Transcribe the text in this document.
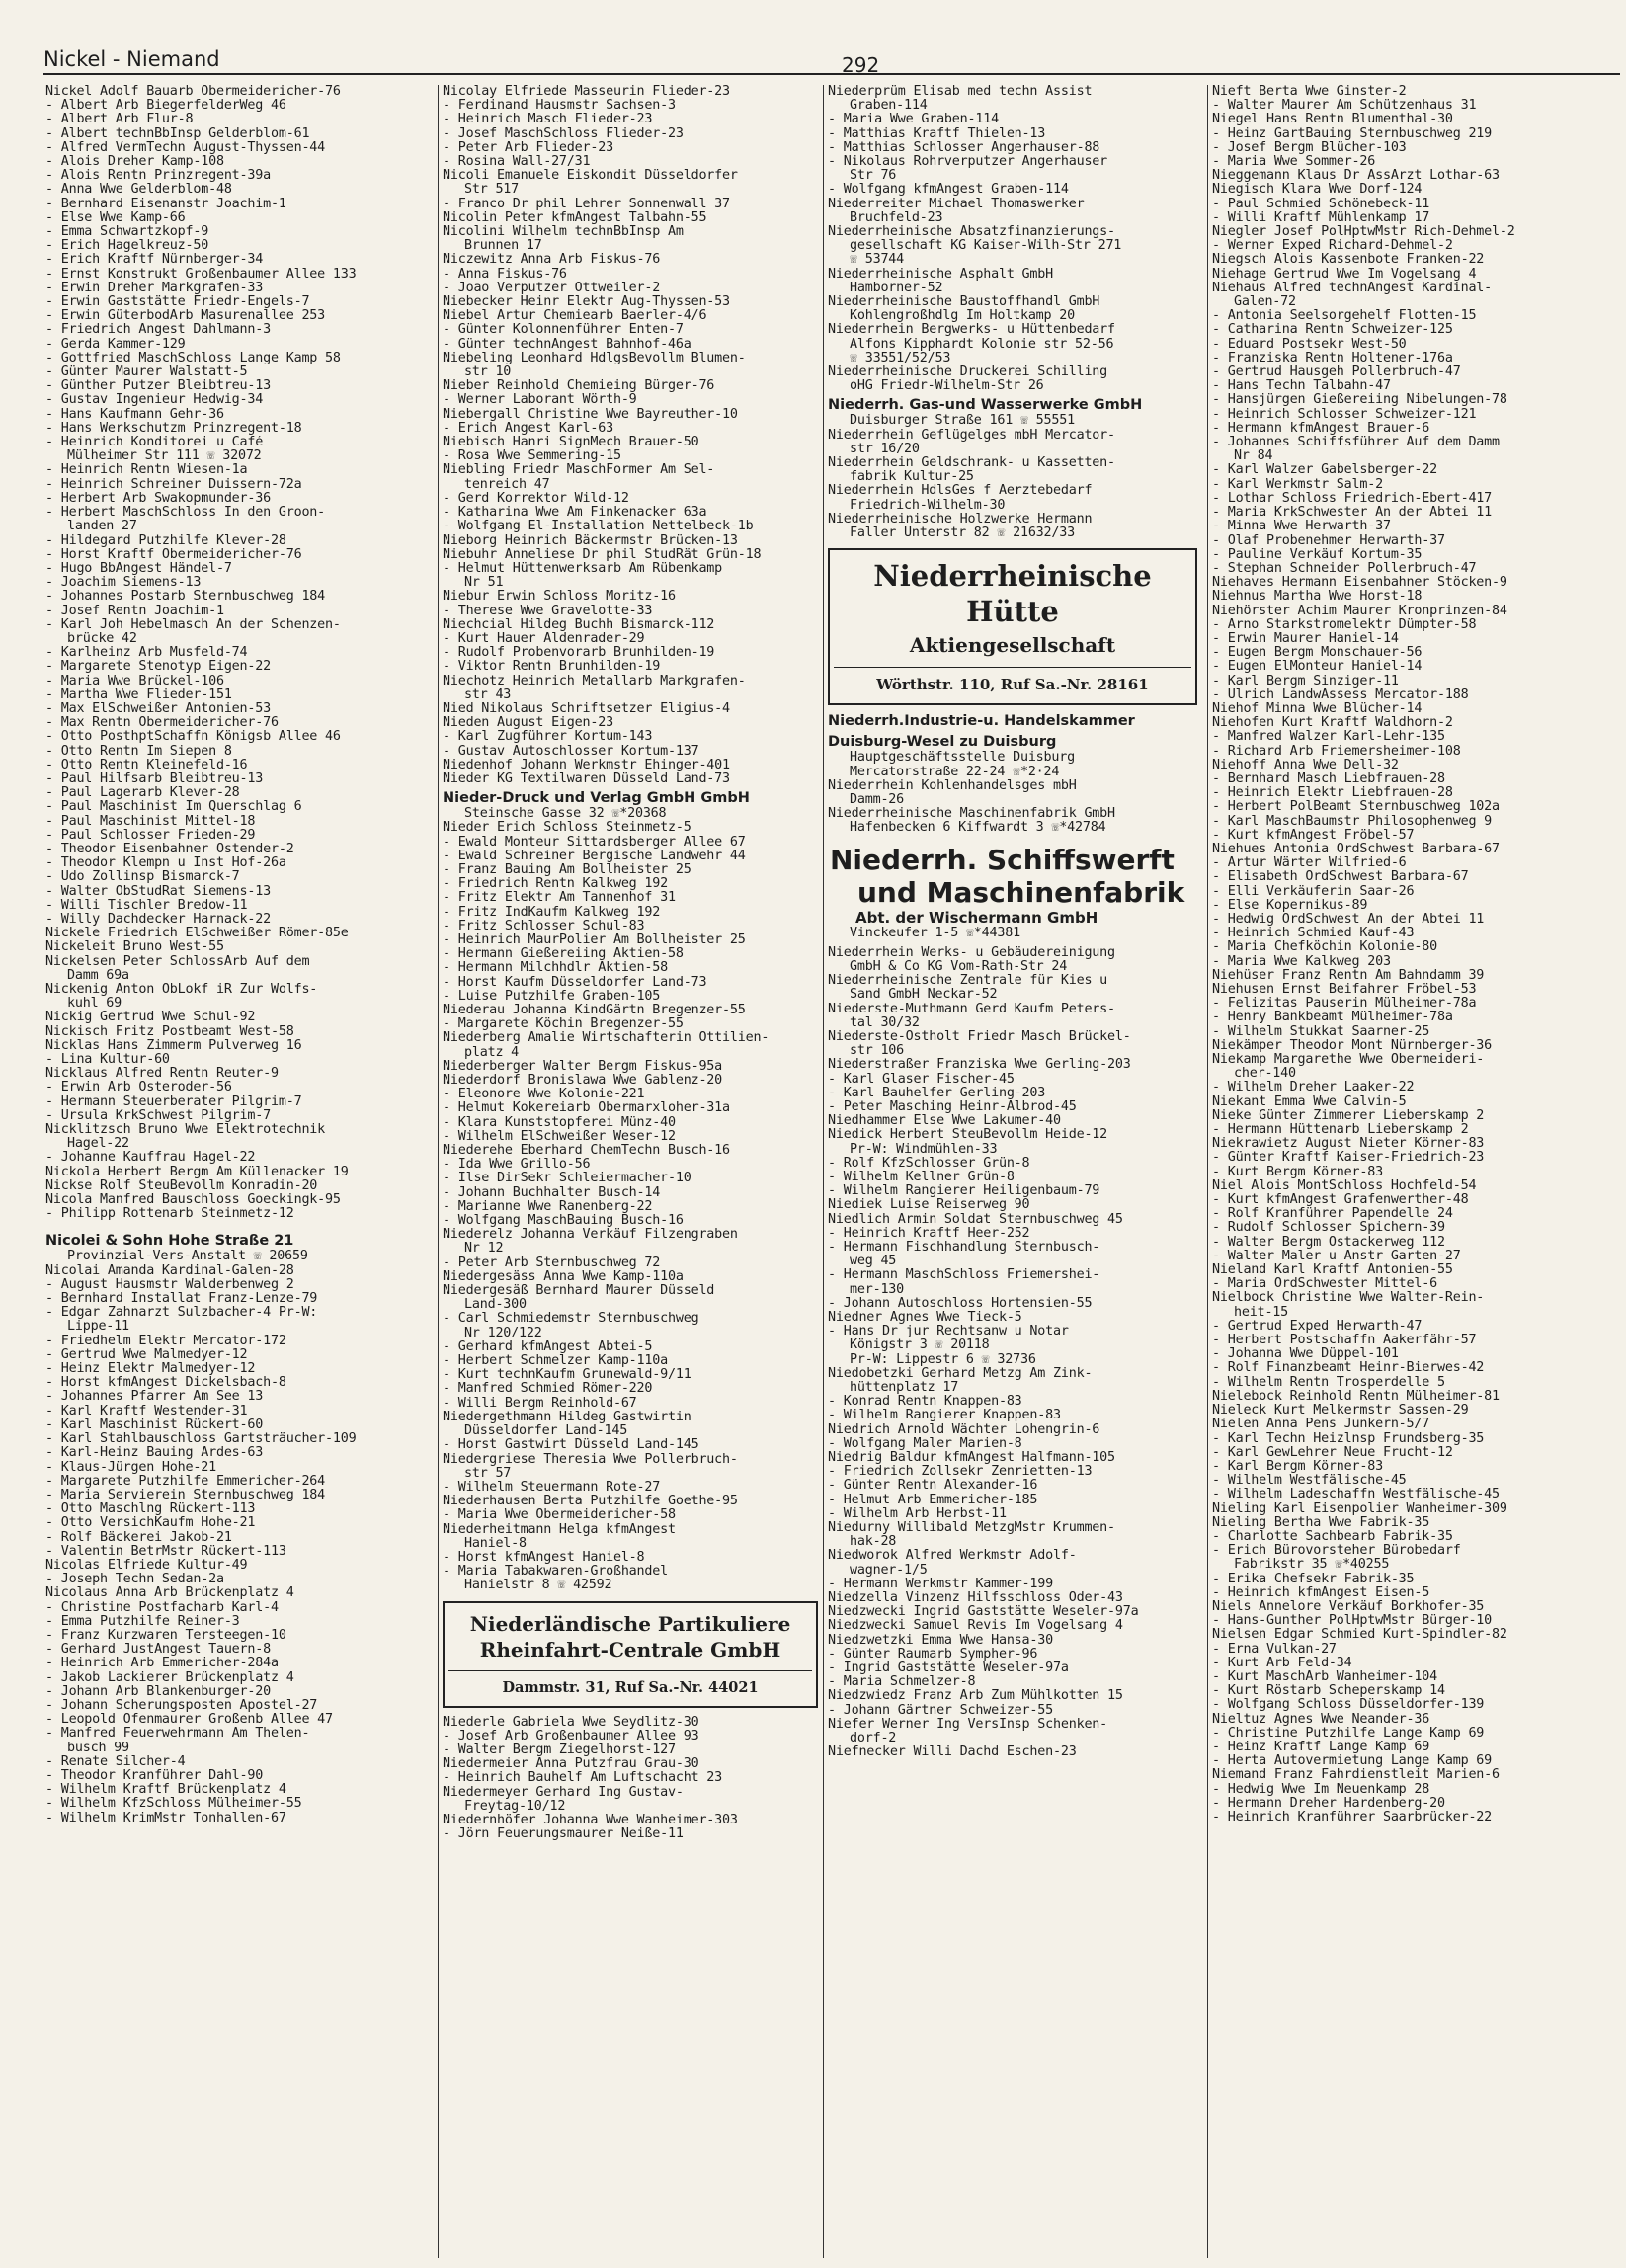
Nickel - Niemand	292
Nickel Adolf Bauarb Obermeidericher-76
- Albert Arb BiegerfelderWeg 46
- Albert Arb Flur-8
- Albert technBbInsp Gelderblom-61
- Alfred VermTechn August-Thyssen-44
- Alois Dreher Kamp-108
- Alois Rentn Prinzregent-39a
- Anna Wwe Gelderblom-48
- Bernhard Eisenanstr Joachim-1
- Else Wwe Kamp-66
- Emma Schwartzkopf-9
- Erich Hagelkreuz-50
- Erich Kraftf Nürnberger-34
- Ernst Konstrukt Großenbaumer Allee 133
- Erwin Dreher Markgrafen-33
- Erwin Gaststätte Friedr-Engels-7
- Erwin GüterbodArb Masurenallee 253
- Friedrich Angest Dahlmann-3
- Gerda Kammer-129
- Gottfried MaschSchloss Lange Kamp 58
- Günter Maurer Walstatt-5
- Günther Putzer Bleibtreu-13
- Gustav Ingenieur Hedwig-34
- Hans Kaufmann Gehr-36
- Hans Werkschutzm Prinzregent-18
- Heinrich Konditorei u Café
Mülheimer Str 111 ☏ 32072
- Heinrich Rentn Wiesen-1a
- Heinrich Schreiner Duissern-72a
- Herbert Arb Swakopmunder-36
- Herbert MaschSchloss In den Groon-
landen 27
- Hildegard Putzhilfe Klever-28
- Horst Kraftf Obermeidericher-76
- Hugo BbAngest Händel-7
- Joachim Siemens-13
- Johannes Postarb Sternbuschweg 184
- Josef Rentn Joachim-1
- Karl Joh Hebelmasch An der Schenzen-
brücke 42
- Karlheinz Arb Musfeld-74
- Margarete Stenotyp Eigen-22
- Maria Wwe Brückel-106
- Martha Wwe Flieder-151
- Max ElSchweißer Antonien-53
- Max Rentn Obermeidericher-76
- Otto PosthptSchaffn Königsb Allee 46
- Otto Rentn Im Siepen 8
- Otto Rentn Kleinefeld-16
- Paul Hilfsarb Bleibtreu-13
- Paul Lagerarb Klever-28
- Paul Maschinist Im Querschlag 6
- Paul Maschinist Mittel-18
- Paul Schlosser Frieden-29
- Theodor Eisenbahner Ostender-2
- Theodor Klempn u Inst Hof-26a
- Udo Zollinsp Bismarck-7
- Walter ObStudRat Siemens-13
- Willi Tischler Bredow-11
- Willy Dachdecker Harnack-22
Nickele Friedrich ElSchweißer Römer-85e
Nickeleit Bruno West-55
Nickelsen Peter SchlossArb Auf dem
Damm 69a
Nickenig Anton ObLokf iR Zur Wolfs-
kuhl 69
Nickig Gertrud Wwe Schul-92
Nickisch Fritz Postbeamt West-58
Nicklas Hans Zimmerm Pulverweg 16
- Lina Kultur-60
Nicklaus Alfred Rentn Reuter-9
- Erwin Arb Osteroder-56
- Hermann Steuerberater Pilgrim-7
- Ursula KrkSchwest Pilgrim-7
Nicklitzsch Bruno Wwe Elektrotechnik
Hagel-22
- Johanne Kauffrau Hagel-22
Nickola Herbert Bergm Am Küllenacker 19
Nickse Rolf SteuBevollm Konradin-20
Nicola Manfred Bauschloss Goeckingk-95
- Philipp Rottenarb Steinmetz-12
Nicolei & Sohn Hohe Straße 21
Provinzial-Vers-Anstalt ☏ 20659
Nicolai Amanda Kardinal-Galen-28
- August Hausmstr Walderbenweg 2
- Bernhard Installat Franz-Lenze-79
- Edgar Zahnarzt Sulzbacher-4 Pr-W:
Lippe-11
- Friedhelm Elektr Mercator-172
- Gertrud Wwe Malmedyer-12
- Heinz Elektr Malmedyer-12
- Horst kfmAngest Dickelsbach-8
- Johannes Pfarrer Am See 13
- Karl Kraftf Westender-31
- Karl Maschinist Rückert-60
- Karl Stahlbauschloss Gartsträucher-109
- Karl-Heinz Bauing Ardes-63
- Klaus-Jürgen Hohe-21
- Margarete Putzhilfe Emmericher-264
- Maria Servierein Sternbuschweg 184
- Otto Maschlng Rückert-113
- Otto VersichKaufm Hohe-21
- Rolf Bäckerei Jakob-21
- Valentin BetrMstr Rückert-113
Nicolas Elfriede Kultur-49
- Joseph Techn Sedan-2a
Nicolaus Anna Arb Brückenplatz 4
- Christine Postfacharb Karl-4
- Emma Putzhilfe Reiner-3
- Franz Kurzwaren Tersteegen-10
- Gerhard JustAngest Tauern-8
- Heinrich Arb Emmericher-284a
- Jakob Lackierer Brückenplatz 4
- Johann Arb Blankenburger-20
- Johann Scherungsposten Apostel-27
- Leopold Ofenmaurer Großenb Allee 47
- Manfred Feuerwehrmann Am Thelen-
busch 99
- Renate Silcher-4
- Theodor Kranführer Dahl-90
- Wilhelm Kraftf Brückenplatz 4
- Wilhelm KfzSchloss Mülheimer-55
- Wilhelm KrimMstr Tonhallen-67
Nicolay Elfriede Masseurin Flieder-23
- Ferdinand Hausmstr Sachsen-3
- Heinrich Masch Flieder-23
- Josef MaschSchloss Flieder-23
- Peter Arb Flieder-23
- Rosina Wall-27/31
Nicoli Emanuele Eiskondit Düsseldorfer
Str 517
- Franco Dr phil Lehrer Sonnenwall 37
Nicolin Peter kfmAngest Talbahn-55
Nicolini Wilhelm technBbInsp Am
Brunnen 17
Niczewitz Anna Arb Fiskus-76
- Anna Fiskus-76
- Joao Verputzer Ottweiler-2
Niebecker Heinr Elektr Aug-Thyssen-53
Niebel Artur Chemiearb Baerler-4/6
- Günter Kolonnenführer Enten-7
- Günter technAngest Bahnhof-46a
Niebeling Leonhard HdlgsBevollm Blumen-
str 10
Nieber Reinhold Chemieing Bürger-76
- Werner Laborant Wörth-9
Niebergall Christine Wwe Bayreuther-10
- Erich Angest Karl-63
Niebisch Hanri SignMech Brauer-50
- Rosa Wwe Semmering-15
Niebling Friedr MaschFormer Am Sel-
tenreich 47
- Gerd Korrektor Wild-12
- Katharina Wwe Am Finkenacker 63a
- Wolfgang El-Installation Nettelbeck-1b
Nieborg Heinrich Bäckermstr Brücken-13
Niebuhr Anneliese Dr phil StudRät Grün-18
- Helmut Hüttenwerksarb Am Rübenkamp
Nr 51
Niebur Erwin Schloss Moritz-16
- Therese Wwe Gravelotte-33
Niechcial Hildeg Buchh Bismarck-112
- Kurt Hauer Aldenrader-29
- Rudolf Probenvorarb Brunhilden-19
- Viktor Rentn Brunhilden-19
Niechotz Heinrich Metallarb Markgrafen-
str 43
Nied Nikolaus Schriftsetzer Eligius-4
Nieden August Eigen-23
- Karl Zugführer Kortum-143
- Gustav Autoschlosser Kortum-137
Niedenhof Johann Werkmstr Ehinger-401
Nieder KG Textilwaren Düsseld Land-73
Nieder-Druck und Verlag GmbH GmbH
Steinsche Gasse 32 ☏*20368
Nieder Erich Schloss Steinmetz-5
- Ewald Monteur Sittardsberger Allee 67
- Ewald Schreiner Bergische Landwehr 44
- Franz Bauing Am Bollheister 25
- Friedrich Rentn Kalkweg 192
- Fritz Elektr Am Tannenhof 31
- Fritz IndKaufm Kalkweg 192
- Fritz Schlosser Schul-83
- Heinrich MaurPolier Am Bollheister 25
- Hermann Gießereiing Aktien-58
- Hermann Milchhdlr Aktien-58
- Horst Kaufm Düsseldorfer Land-73
- Luise Putzhilfe Graben-105
Niederau Johanna KindGärtn Bregenzer-55
- Margarete Köchin Bregenzer-55
Niederberg Amalie Wirtschafterin Ottilien-
platz 4
Niederberger Walter Bergm Fiskus-95a
Niederdorf Bronislawa Wwe Gablenz-20
- Eleonore Wwe Kolonie-221
- Helmut Kokereiarb Obermarxloher-31a
- Klara Kunststopferei Münz-40
- Wilhelm ElSchweißer Weser-12
Niederehe Eberhard ChemTechn Busch-16
- Ida Wwe Grillo-56
- Ilse DirSekr Schleiermacher-10
- Johann Buchhalter Busch-14
- Marianne Wwe Ranenberg-22
- Wolfgang MaschBauing Busch-16
Niederelz Johanna Verkäuf Filzengraben
Nr 12
- Peter Arb Sternbuschweg 72
Niedergesäss Anna Wwe Kamp-110a
Niedergesäß Bernhard Maurer Düsseld
Land-300
- Carl Schmiedemstr Sternbuschweg
Nr 120/122
- Gerhard kfmAngest Abtei-5
- Herbert Schmelzer Kamp-110a
- Kurt technKaufm Grunewald-9/11
- Manfred Schmied Römer-220
- Willi Bergm Reinhold-67
Niedergethmann Hildeg Gastwirtin
Düsseldorfer Land-145
- Horst Gastwirt Düsseld Land-145
Niedergriese Theresia Wwe Pollerbruch-
str 57
- Wilhelm Steuermann Rote-27
Niederhausen Berta Putzhilfe Goethe-95
- Maria Wwe Obermeidericher-58
Niederheitmann Helga kfmAngest
Haniel-8
- Horst kfmAngest Haniel-8
- Maria Tabakwaren-Großhandel
Hanielstr 8 ☏ 42592
Niederländische Partikuliere
Rheinfahrt-Centrale GmbH
Dammstr. 31, Ruf Sa.-Nr. 44021
Niederle Gabriela Wwe Seydlitz-30
- Josef Arb Großenbaumer Allee 93
- Walter Bergm Ziegelhorst-127
Niedermeier Anna Putzfrau Grau-30
- Heinrich Bauhelf Am Luftschacht 23
Niedermeyer Gerhard Ing Gustav-
Freytag-10/12
Niedernhöfer Johanna Wwe Wanheimer-303
- Jörn Feuerungsmaurer Neiße-11
Niederprüm Elisab med techn Assist
Graben-114
- Maria Wwe Graben-114
- Matthias Kraftf Thielen-13
- Matthias Schlosser Angerhauser-88
- Nikolaus Rohrverputzer Angerhauser
Str 76
- Wolfgang kfmAngest Graben-114
Niederreiter Michael Thomaswerker
Bruchfeld-23
Niederrheinische Absatzfinanzierungs-
gesellschaft KG Kaiser-Wilh-Str 271
☏ 53744
Niederrheinische Asphalt GmbH
Hamborner-52
Niederrheinische Baustoffhandl GmbH
Kohlengroßhdlg Im Holtkamp 20
Niederrhein Bergwerks- u Hüttenbedarf
Alfons Kipphardt Kolonie str 52-56
☏ 33551/52/53
Niederrheinische Druckerei Schilling
oHG Friedr-Wilhelm-Str 26
Niederrh. Gas-und Wasserwerke GmbH
Duisburger Straße 161 ☏ 55551
Niederrhein Geflügelges mbH Mercator-
str 16/20
Niederrhein Geldschrank- u Kassetten-
fabrik Kultur-25
Niederrhein HdlsGes f Aerztebedarf
Friedrich-Wilhelm-30
Niederrheinische Holzwerke Hermann
Faller Unterstr 82 ☏ 21632/33
Niederrheinische
Hütte
Aktiengesellschaft
Wörthstr. 110, Ruf Sa.-Nr. 28161
Niederrh.Industrie-u. Handelskammer
Duisburg-Wesel zu Duisburg
Hauptgeschäftsstelle Duisburg
Mercatorstraße 22-24 ☏*2·24
Niederrhein Kohlenhandelsges mbH
Damm-26
Niederrheinische Maschinenfabrik GmbH
Hafenbecken 6 Kiffwardt 3 ☏*42784
Niederrh. Schiffswerft
und Maschinenfabrik
Abt. der Wischermann GmbH
Vinckeufer 1-5 ☏*44381
Niederrhein Werks- u Gebäudereinigung
GmbH & Co KG Vom-Rath-Str 24
Niederrheinische Zentrale für Kies u
Sand GmbH Neckar-52
Niederste-Muthmann Gerd Kaufm Peters-
tal 30/32
Niederste-Ostholt Friedr Masch Brückel-
str 106
Niederstraßer Franziska Wwe Gerling-203
- Karl Glaser Fischer-45
- Karl Bauhelfer Gerling-203
- Peter Masching Heinr-Albrod-45
Niedhammer Else Wwe Lakumer-40
Niedick Herbert SteuBevollm Heide-12
Pr-W: Windmühlen-33
- Rolf KfzSchlosser Grün-8
- Wilhelm Kellner Grün-8
- Wilhelm Rangierer Heiligenbaum-79
Niediek Luise Reiserweg 90
Niedlich Armin Soldat Sternbuschweg 45
- Heinrich Kraftf Heer-252
- Hermann Fischhandlung Sternbusch-
weg 45
- Hermann MaschSchloss Friemershei-
mer-130
- Johann Autoschloss Hortensien-55
Niedner Agnes Wwe Tieck-5
- Hans Dr jur Rechtsanw u Notar
Königstr 3 ☏ 20118
Pr-W: Lippestr 6 ☏ 32736
Niedobetzki Gerhard Metzg Am Zink-
hüttenplatz 17
- Konrad Rentn Knappen-83
- Wilhelm Rangierer Knappen-83
Niedrich Arnold Wächter Lohengrin-6
- Wolfgang Maler Marien-8
Niedrig Baldur kfmAngest Halfmann-105
- Friedrich Zollsekr Zenrietten-13
- Günter Rentn Alexander-16
- Helmut Arb Emmericher-185
- Wilhelm Arb Herbst-11
Niedurny Willibald MetzgMstr Krummen-
hak-28
Niedworok Alfred Werkmstr Adolf-
wagner-1/5
- Hermann Werkmstr Kammer-199
Niedzella Vinzenz Hilfsschloss Oder-43
Niedzwecki Ingrid Gaststätte Weseler-97a
Niedzwecki Samuel Revis Im Vogelsang 4
Niedzwetzki Emma Wwe Hansa-30
- Günter Raumarb Sympher-96
- Ingrid Gaststätte Weseler-97a
- Maria Schmelzer-8
Niedzwiedz Franz Arb Zum Mühlkotten 15
- Johann Gärtner Schweizer-55
Niefer Werner Ing VersInsp Schenken-
dorf-2
Niefnecker Willi Dachd Eschen-23
Nieft Berta Wwe Ginster-2
- Walter Maurer Am Schützenhaus 31
Niegel Hans Rentn Blumenthal-30
- Heinz GartBauing Sternbuschweg 219
- Josef Bergm Blücher-103
- Maria Wwe Sommer-26
Nieggemann Klaus Dr AssArzt Lothar-63
Niegisch Klara Wwe Dorf-124
- Paul Schmied Schönebeck-11
- Willi Kraftf Mühlenkamp 17
Niegler Josef PolHptwMstr Rich-Dehmel-2
- Werner Exped Richard-Dehmel-2
Niegsch Alois Kassenbote Franken-22
Niehage Gertrud Wwe Im Vogelsang 4
Niehaus Alfred technAngest Kardinal-
Galen-72
- Antonia Seelsorgehelf Flotten-15
- Catharina Rentn Schweizer-125
- Eduard Postsekr West-50
- Franziska Rentn Holtener-176a
- Gertrud Hausgeh Pollerbruch-47
- Hans Techn Talbahn-47
- Hansjürgen Gießereiing Nibelungen-78
- Heinrich Schlosser Schweizer-121
- Hermann kfmAngest Brauer-6
- Johannes Schiffsführer Auf dem Damm
Nr 84
- Karl Walzer Gabelsberger-22
- Karl Werkmstr Salm-2
- Lothar Schloss Friedrich-Ebert-417
- Maria KrkSchwester An der Abtei 11
- Minna Wwe Herwarth-37
- Olaf Probenehmer Herwarth-37
- Pauline Verkäuf Kortum-35
- Stephan Schneider Pollerbruch-47
Niehaves Hermann Eisenbahner Stöcken-9
Niehnus Martha Wwe Horst-18
Niehörster Achim Maurer Kronprinzen-84
- Arno Starkstromelektr Dümpter-58
- Erwin Maurer Haniel-14
- Eugen Bergm Monschauer-56
- Eugen ElMonteur Haniel-14
- Karl Bergm Sinziger-11
- Ulrich LandwAssess Mercator-188
Niehof Minna Wwe Blücher-14
Niehofen Kurt Kraftf Waldhorn-2
- Manfred Walzer Karl-Lehr-135
- Richard Arb Friemersheimer-108
Niehoff Anna Wwe Dell-32
- Bernhard Masch Liebfrauen-28
- Heinrich Elektr Liebfrauen-28
- Herbert PolBeamt Sternbuschweg 102a
- Karl MaschBaumstr Philosophenweg 9
- Kurt kfmAngest Fröbel-57
Niehues Antonia OrdSchwest Barbara-67
- Artur Wärter Wilfried-6
- Elisabeth OrdSchwest Barbara-67
- Elli Verkäuferin Saar-26
- Else Kopernikus-89
- Hedwig OrdSchwest An der Abtei 11
- Heinrich Schmied Kauf-43
- Maria Chefköchin Kolonie-80
- Maria Wwe Kalkweg 203
Niehüser Franz Rentn Am Bahndamm 39
Niehusen Ernst Beifahrer Fröbel-53
- Felizitas Pauserin Mülheimer-78a
- Henry Bankbeamt Mülheimer-78a
- Wilhelm Stukkat Saarner-25
Niekämper Theodor Mont Nürnberger-36
Niekamp Margarethe Wwe Obermeideri-
cher-140
- Wilhelm Dreher Laaker-22
Niekant Emma Wwe Calvin-5
Nieke Günter Zimmerer Lieberskamp 2
- Hermann Hüttenarb Lieberskamp 2
Niekrawietz August Nieter Körner-83
- Günter Kraftf Kaiser-Friedrich-23
- Kurt Bergm Körner-83
Niel Alois MontSchloss Hochfeld-54
- Kurt kfmAngest Grafenwerther-48
- Rolf Kranführer Papendelle 24
- Rudolf Schlosser Spichern-39
- Walter Bergm Ostackerweg 112
- Walter Maler u Anstr Garten-27
Nieland Karl Kraftf Antonien-55
- Maria OrdSchwester Mittel-6
Nielbock Christine Wwe Walter-Rein-
heit-15
- Gertrud Exped Herwarth-47
- Herbert Postschaffn Aakerfähr-57
- Johanna Wwe Düppel-101
- Rolf Finanzbeamt Heinr-Bierwes-42
- Wilhelm Rentn Trosperdelle 5
Nielebock Reinhold Rentn Mülheimer-81
Nieleck Kurt Melkermstr Sassen-29
Nielen Anna Pens Junkern-5/7
- Karl Techn Heizlnsp Frundsberg-35
- Karl GewLehrer Neue Frucht-12
- Karl Bergm Körner-83
- Wilhelm Westfälische-45
- Wilhelm Ladeschaffn Westfälische-45
Nieling Karl Eisenpolier Wanheimer-309
Nieling Bertha Wwe Fabrik-35
- Charlotte Sachbearb Fabrik-35
- Erich Bürovorsteher Bürobedarf
Fabrikstr 35 ☏*40255
- Erika Chefsekr Fabrik-35
- Heinrich kfmAngest Eisen-5
Niels Annelore Verkäuf Borkhofer-35
- Hans-Gunther PolHptwMstr Bürger-10
Nielsen Edgar Schmied Kurt-Spindler-82
- Erna Vulkan-27
- Kurt Arb Feld-34
- Kurt MaschArb Wanheimer-104
- Kurt Röstarb Scheperskamp 14
- Wolfgang Schloss Düsseldorfer-139
Nieltuz Agnes Wwe Neander-36
- Christine Putzhilfe Lange Kamp 69
- Heinz Kraftf Lange Kamp 69
- Herta Autovermietung Lange Kamp 69
Niemand Franz Fahrdienstleit Marien-6
- Hedwig Wwe Im Neuenkamp 28
- Hermann Dreher Hardenberg-20
- Heinrich Kranführer Saarbrücker-22
